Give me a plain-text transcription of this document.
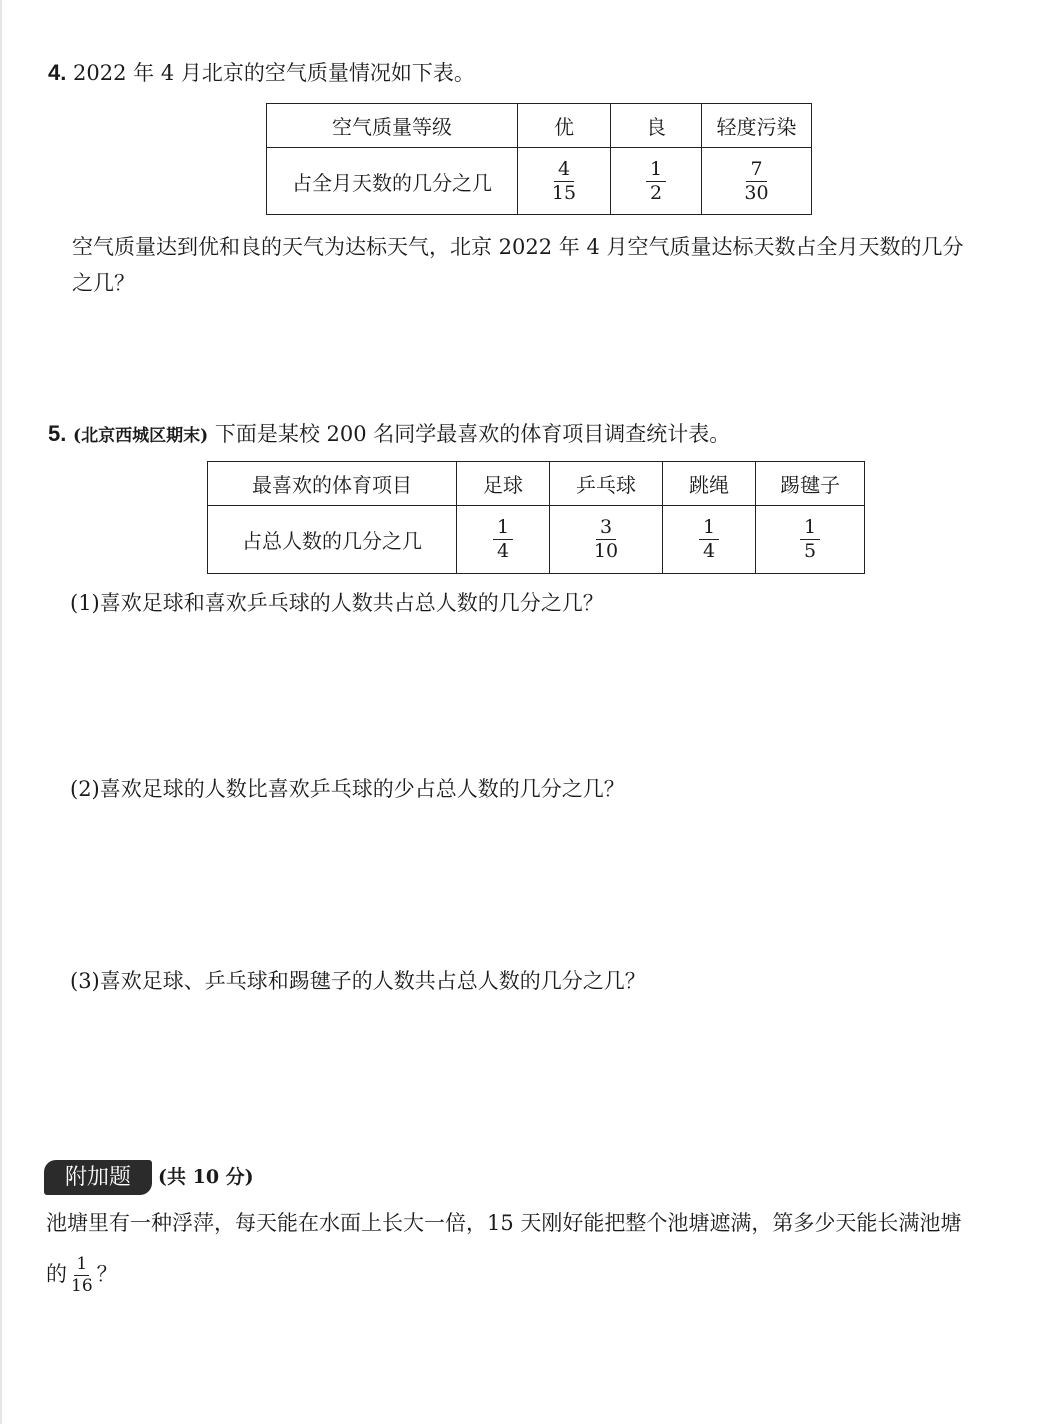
4. 2022 年 4 月北京的空气质量情况如下表。
空气质量等级	优	良	轻度污染
占全月天数的几分之几	$\frac{4}{15}$	$\frac{1}{2}$	$\frac{7}{30}$
空气质量达到优和良的天气为达标天气，北京 2022 年 4 月空气质量达标天数占全月天数的几分
之几？
5. (北京西城区期末) 下面是某校 200 名同学最喜欢的体育项目调查统计表。
最喜欢的体育项目	足球	乒乓球	跳绳	踢毽子
占总人数的几分之几	$\frac{1}{4}$	$\frac{3}{10}$	$\frac{1}{4}$	$\frac{1}{5}$
(1)喜欢足球和喜欢乒乓球的人数共占总人数的几分之几？
(2)喜欢足球的人数比喜欢乒乓球的少占总人数的几分之几？
(3)喜欢足球、乒乓球和踢毽子的人数共占总人数的几分之几？
附加题	(共 10 分)
池塘里有一种浮萍，每天能在水面上长大一倍，15 天刚好能把整个池塘遮满，第多少天能长满池塘
的 $\frac{1}{16}$ ？
